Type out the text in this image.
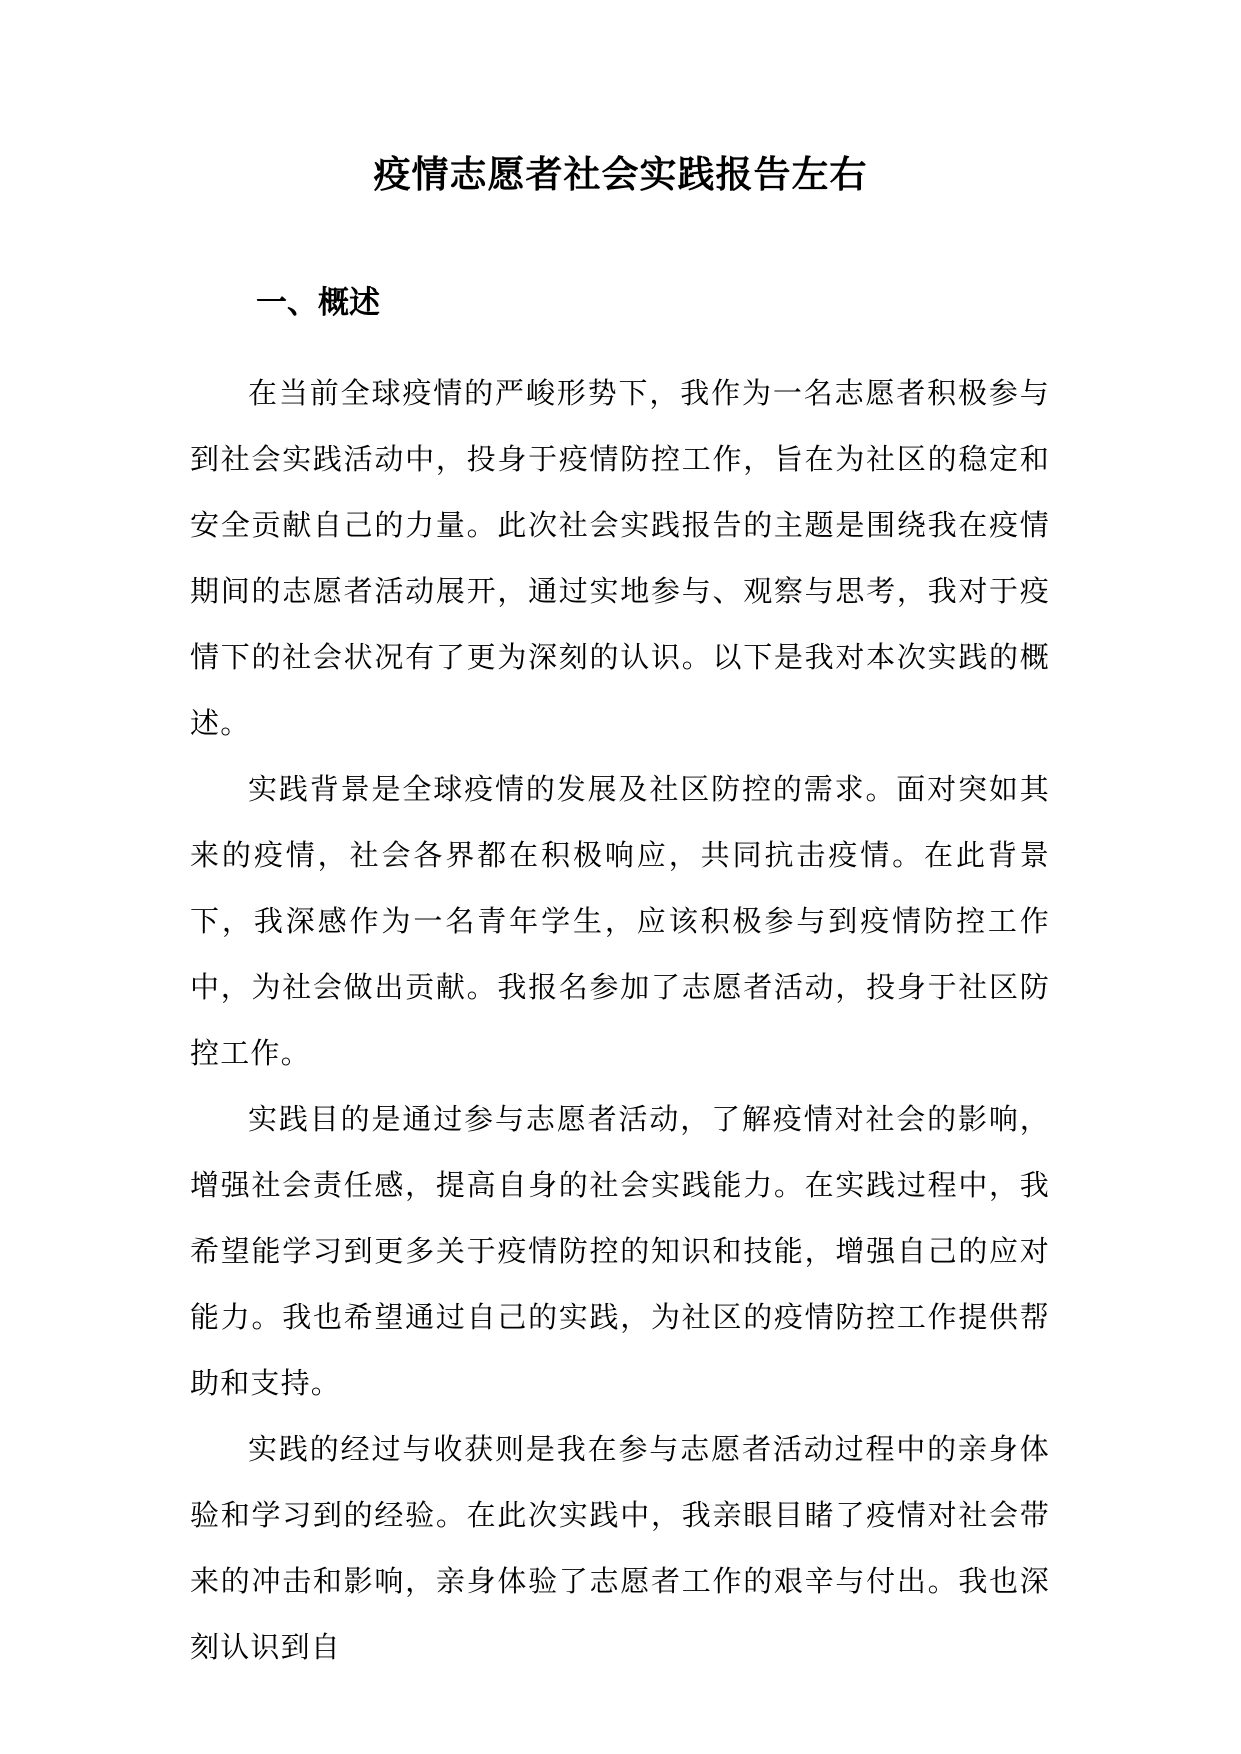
疫情志愿者社会实践报告左右
一、概述

在当前全球疫情的严峻形势下，我作为一名志愿者积极参与到社会实践活动中，投身于疫情防控工作，旨在为社区的稳定和安全贡献自己的力量。此次社会实践报告的主题是围绕我在疫情期间的志愿者活动展开，通过实地参与、观察与思考，我对于疫情下的社会状况有了更为深刻的认识。以下是我对本次实践的概述。

实践背景是全球疫情的发展及社区防控的需求。面对突如其来的疫情，社会各界都在积极响应，共同抗击疫情。在此背景下，我深感作为一名青年学生，应该积极参与到疫情防控工作中，为社会做出贡献。我报名参加了志愿者活动，投身于社区防控工作。

实践目的是通过参与志愿者活动，了解疫情对社会的影响，增强社会责任感，提高自身的社会实践能力。在实践过程中，我希望能学习到更多关于疫情防控的知识和技能，增强自己的应对能力。我也希望通过自己的实践，为社区的疫情防控工作提供帮助和支持。

实践的经过与收获则是我在参与志愿者活动过程中的亲身体验和学习到的经验。在此次实践中，我亲眼目睹了疫情对社会带来的冲击和影响，亲身体验了志愿者工作的艰辛与付出。我也深刻认识到自
